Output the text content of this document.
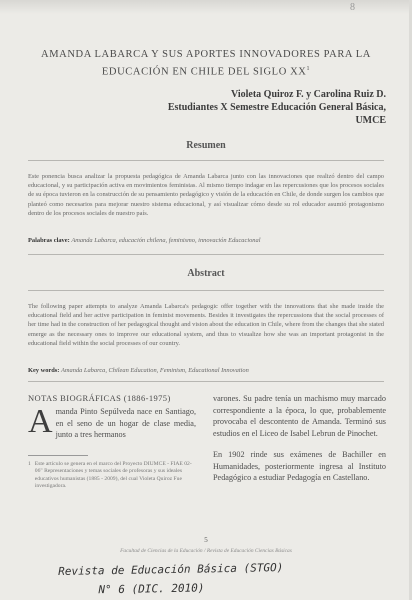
8
AMANDA LABARCA Y SUS APORTES INNOVADORES PARA LA
EDUCACIÓN EN CHILE DEL SIGLO $XX^1$
Violeta Quiroz F. y Carolina Ruiz D.
Estudiantes X Semestre Educación General Básica,
UMCE
Resumen
Este ponencia busca analizar la propuesta pedagógica de Amanda Labarca junto con las innovaciones que realizó dentro del campo educacional, y su participación activa en movimientos feministas. Al mismo tiempo indagar en las repercusiones que los procesos sociales de su época tuvieron en la construcción de su pensamiento pedagógico y visión de la educación en Chile, de donde surgen los cambios que planteó como necesarios para mejorar nuestro sistema educacional, y así visualizar cómo desde su rol educador asumió protagonismo dentro de los procesos sociales de nuestro país.
Palabras clave: Amanda Labarca, educación chilena, feminismo, innovación Educacional
Abstract
The following paper attempts to analyze Amanda Labarca's pedagogic offer together with the innovations that she made inside the educational field and her active participation in feminist movements. Besides it investigates the repercussions that the social processes of her time had in the construction of her pedagogical thought and vision about the education in Chile, where from the changes that she stated emerge as the necessary ones to improve our educational system, and thus to visualize how she was an important protagonist in the educational field within the social processes of our country.
Key words: Amanda Labarca, Chilean Education, Feminism, Educational Innovation
NOTAS BIOGRÁFICAS (1886-1975)
Amanda Pinto Sepúlveda nace en Santiago, en el seno de un hogar de clase media, junto a tres hermanos
1 Este artículo se genera en el marco del Proyecto DIUMCE - FIAE 02-06" Representaciones y temas sociales de profesoras y sus ideales educativos humanistas (1885 - 2009), del cual Violeta Quiroz Fue investigadora.
varones. Su padre tenía un machismo muy marcado correspondiente a la época, lo que, probablemente provocaba el descontento de Amanda. Terminó sus estudios en el Liceo de Isabel Lebrun de Pinochet.
En 1902 rinde sus exámenes de Bachiller en Humanidades, posteriormente ingresa al Instituto Pedagógico a estudiar Pedagogía en Castellano.
5
Facultad de Ciencias de la Educación / Revista de Educación Ciencias Básicas
Revista de Educación Básica (STGO)
N° 6 (DIC. 2010)
